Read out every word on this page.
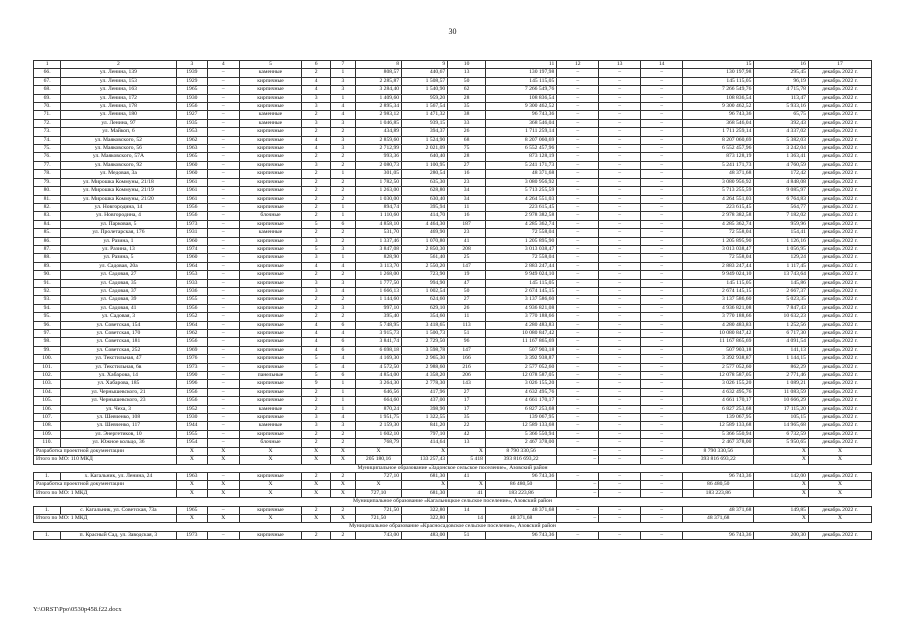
30
1	2	3	4	5	6	7	8	9	10	11	12	13	14	15	16	17
66.	ул. Ленина, 139	1939	–	каменные	2	1	808,57	440,67	13	130 197,98	–	–	–	130 197,98	295,45	декабрь 2022 г.
67.	ул. Ленина, 153	1929	–	кирпичные	4	3	2 285,87	1 508,57	50	145 115,05	–	–	–	145 115,05	96,19	декабрь 2022 г.
68.	ул. Ленина, 163	1965	–	кирпичные	4	3	3 284,40	1 540,90	62	7 266 549,76	–	–	–	7 266 549,76	4 715,78	декабрь 2022 г.
69.	ул. Ленина, 172	1930	–	кирпичные	3	1	1 409,60	959,20	28	108 836,54	–	–	–	108 836,54	113,47	декабрь 2022 г.
70.	ул. Ленина, 178	1956	–	кирпичные	3	4	2 895,34	1 567,54	35	9 300 462,52	–	–	–	9 300 462,52	5 933,16	декабрь 2022 г.
71.	ул. Ленина, 180	1927	–	каменные	2	4	2 983,12	1 471,32	38	96 743,36	–	–	–	96 743,36	65,75	декабрь 2022 г.
72.	ул. Ленина, 97	1935	–	каменные	3	3	1 046,85	939,15	33	368 546,04	–	–	–	368 546,04	392,43	декабрь 2022 г.
73.	ул. Майкоп, 6	1953	–	кирпичные	2	2	434,89	394,37	26	1 711 259,14	–	–	–	1 711 259,14	4 337,02	декабрь 2022 г.
74.	ул. Маяковского, 52	1962	–	кирпичные	4	3	2 859,60	1 524,90	68	8 207 060,69	–	–	–	8 207 060,69	5 382,03	декабрь 2022 г.
75.	ул. Маяковского, 56	1963	–	кирпичные	4	3	2 712,99	2 021,09	75	6 552 457,96	–	–	–	6 552 457,96	3 242,04	декабрь 2022 г.
76.	ул. Маяковского, 57А	1965	–	кирпичные	2	2	993,36	640,40	28	873 128,19	–	–	–	873 128,19	1 363,41	декабрь 2022 г.
77.	ул. Маяковского, 92	1960	–	кирпичные	3	2	2 080,73	1 100,95	27	5 241 171,73	–	–	–	5 241 171,73	4 760,59	декабрь 2022 г.
78.	ул. Медовая, 3а	1960	–	кирпичные	2	1	301,05	280,54	16	48 371,68	–	–	–	48 371,68	172,42	декабрь 2022 г.
79.	ул. Мирошка Коммуны, 21/18	1961	–	кирпичные	2	2	1 782,50	635,30	23	3 080 956,92	–	–	–	3 080 956,92	4 848,08	декабрь 2022 г.
80.	ул. Мирошка Коммуны, 21/19	1961	–	кирпичные	2	2	1 263,00	628,80	34	5 713 255,59	–	–	–	5 713 255,59	9 085,97	декабрь 2022 г.
81.	ул. Мирошка Коммуны, 21/20	1961	–	кирпичные	2	2	1 030,00	630,40	34	4 264 551,03	–	–	–	4 264 551,03	6 764,83	декабрь 2022 г.
82.	ул. Новгородина, 14	1956	–	кирпичные	2	1	894,74	395,94	11	223 615,45	–	–	–	223 615,45	564,77	декабрь 2022 г.
83.	ул. Новгородина, 4	1956	–	блочные	2	1	1 110,60	414,70	16	2 978 382,58	–	–	–	2 978 382,58	7 182,02	декабрь 2022 г.
84.	ул. Парковая, 5	1973	–	кирпичные	5	6	4 858,10	4 464,30	187	4 285 362,74	–	–	–	4 285 362,74	959,96	декабрь 2022 г.
85.	ул. Пролетарская, 176	1931	–	каменные	2	2	531,70	469,90	23	72 558,04	–	–	–	72 558,04	154,41	декабрь 2022 г.
86.	ул. Разина, 1	1960	–	кирпичные	3	2	1 337,46	1 070,80	41	1 205 895,90	–	–	–	1 205 895,90	1 126,16	декабрь 2022 г.
87.	ул. Разина, 13	1974	–	кирпичные	5	3	3 847,08	2 850,30	208	3 013 038,47	–	–	–	3 013 038,47	1 056,95	декабрь 2022 г.
88.	ул. Разина, 5	1960	–	кирпичные	3	1	828,90	561,40	25	72 558,04	–	–	–	72 558,04	129,24	декабрь 2022 г.
89.	ул. Садовая, 20а	1964	–	кирпичные	4	4	3 113,70	2 550,20	147	2 883 247,44	–	–	–	2 883 247,44	1 117,45	декабрь 2022 г.
90.	ул. Садовая, 27	1953	–	кирпичные	2	2	1 268,00	723,90	19	9 949 024,10	–	–	–	9 949 024,10	13 743,64	декабрь 2022 г.
91.	ул. Садовая, 35	1933	–	кирпичные	3	3	1 777,50	994,90	47	145 115,05	–	–	–	145 115,05	145,86	декабрь 2022 г.
92.	ул. Садовая, 37	1936	–	кирпичные	3	4	1 666,13	1 002,54	50	2 674 145,15	–	–	–	2 674 145,15	2 667,37	декабрь 2022 г.
93.	ул. Садовая, 39	1955	–	кирпичные	2	2	1 144,60	624,60	27	3 137 586,60	–	–	–	3 137 586,60	5 023,35	декабрь 2022 г.
94.	ул. Садовая, 41	1956	–	кирпичные	2	3	997,10	629,10	26	4 936 821,08	–	–	–	4 936 821,08	7 847,43	декабрь 2022 г.
95.	ул. Садовая, 3	1952	–	кирпичные	2	2	395,40	354,60	11	3 770 188,66	–	–	–	3 770 188,66	10 632,23	декабрь 2022 г.
96.	ул. Советская, 154	1964	–	кирпичные	4	6	5 748,95	3 418,65	113	4 280 483,83	–	–	–	4 280 483,83	1 252,56	декабрь 2022 г.
97.	ул. Советская, 170	1962	–	кирпичные	4	4	3 915,73	1 500,73	51	10 080 847,42	–	–	–	10 080 847,42	6 717,30	декабрь 2022 г.
98.	ул. Советская, 181	1956	–	кирпичные	4	6	3 841,74	2 729,50	96	11 167 865,69	–	–	–	11 167 865,69	4 091,54	декабрь 2022 г.
99.	ул. Советская, 252	1969	–	кирпичные	4	6	6 698,18	3 598,78	147	507 903,18	–	–	–	507 903,18	141,13	декабрь 2022 г.
100.	ул. Текстильная, 47	1976	–	кирпичные	5	4	4 169,30	2 965,30	166	3 392 938,87	–	–	–	3 392 938,87	1 144,15	декабрь 2022 г.
101.	ул. Текстильная, 6в	1973	–	кирпичные	5	4	4 572,50	2 988,60	216	2 577 052,60	–	–	–	2 577 052,60	862,29	декабрь 2022 г.
102.	ул. Хабарова, 14	1990	–	панельные	5	6	4 854,00	4 358,20	206	12 078 587,05	–	–	–	12 078 587,05	2 771,46	декабрь 2022 г.
103.	ул. Хабарова, 185	1996	–	кирпичные	9	1	3 264,30	2 778,30	143	3 026 155,20	–	–	–	3 026 155,20	1 089,21	декабрь 2022 г.
104.	ул. Чернышевского, 21	1956	–	кирпичные	2	1	646,56	417,96	27	4 632 495,76	–	–	–	4 632 495,76	11 083,59	декабрь 2022 г.
105.	ул. Чернышевского, 23	1956	–	кирпичные	2	1	664,60	437,00	17	4 661 170,17	–	–	–	4 661 170,17	10 666,29	декабрь 2022 г.
106.	ул. Чеха, 3	1952	–	каменные	2	1	870,24	398,90	17	6 827 253,68	–	–	–	6 827 253,68	17 115,20	декабрь 2022 г.
107.	ул. Шевченко, 108	1930	–	кирпичные	3	4	1 951,75	1 322,55	35	139 067,95	–	–	–	139 067,95	105,15	декабрь 2022 г.
108.	ул. Шевченко, 117	1944	–	каменные	3	3	2 159,30	841,20	22	12 589 133,68	–	–	–	12 589 133,68	14 965,68	декабрь 2022 г.
109.	ул. Энергетиков, 10	1955	–	кирпичные	2	2	1 602,10	797,10	42	5 366 550,94	–	–	–	5 366 550,94	6 732,59	декабрь 2022 г.
110.	ул. Южное кольцо, 36	1954	–	блочные	2	2	768,79	414,64	13	2 467 378,00	–	–	–	2 467 378,00	5 950,65	декабрь 2022 г.
Разработка проектной документации		Х	Х	Х	Х	Х	Х	Х	Х	8 790 330,56	–	–	–	8 790 330,56	Х	Х
Итого по МО: 110 МКД		Х	Х	Х	Х	Х	205 180,16	133 257,43	5 418	393 816 693,22	–	–	–	393 816 693,22	Х	Х
Муниципальное образование «Задонское сельское поселение», Азовский район																
1.	х. Кагальник, ул. Ленина, 24	1963	–	кирпичные	2	2	727,10	681,30	41	96 743,36	–	–	–	96 743,36	142,00	декабрь 2022 г.
Разработка проектной документации		Х	Х	Х	Х	Х	Х	Х	Х	86 480,50	–	–	–	86 480,50	Х	Х
Итого по МО: 1 МКД		Х	Х	Х	Х	Х	727,10	681,30	41	183 223,86	–	–	–	183 223,86	Х	Х
Муниципальное образование «Кагальницкое сельское поселение», Азовский район																
1.	с. Кагальник, ул. Советская, 73а	1965	–	кирпичные	2	2	721,50	322,80	14	48 371,68	–	–	–	48 371,68	149,85	декабрь 2022 г.
Итого по МО: 1 МКД		Х	Х	Х	Х	Х	721,50	322,80	14	48 371,68	–	–	–	48 371,68	Х	Х
Муниципальное образование «Красносадовское сельское поселение», Азовский район																
1.	п. Красный Сад, ул. Заводская, 3	1973	–	кирпичные	2	2	743,00	483,00	51	96 743,36	–	–	–	96 743,36	200,30	декабрь 2022 г.
Y:\ORST\Ppo\0530p458.f22.docx
